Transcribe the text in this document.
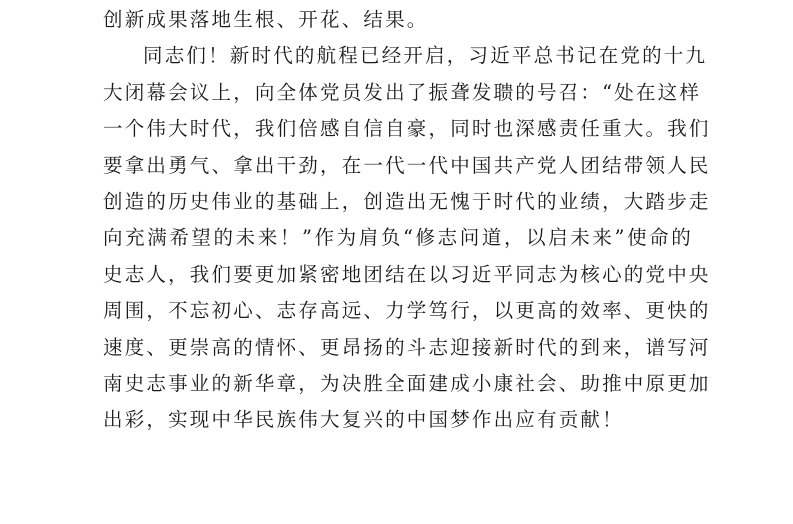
创新成果落地生根、开花、结果。
同志们！新时代的航程已经开启，习近平总书记在党的十九
大闭幕会议上，向全体党员发出了振聋发聩的号召：“处在这样
一个伟大时代，我们倍感自信自豪，同时也深感责任重大。我们
要拿出勇气、拿出干劲，在一代一代中国共产党人团结带领人民
创造的历史伟业的基础上，创造出无愧于时代的业绩，大踏步走
向充满希望的未来！”作为肩负“修志问道，以启未来”使命的
史志人，我们要更加紧密地团结在以习近平同志为核心的党中央
周围，不忘初心、志存高远、力学笃行，以更高的效率、更快的
速度、更崇高的情怀、更昂扬的斗志迎接新时代的到来，谱写河
南史志事业的新华章，为决胜全面建成小康社会、助推中原更加
出彩，实现中华民族伟大复兴的中国梦作出应有贡献！
